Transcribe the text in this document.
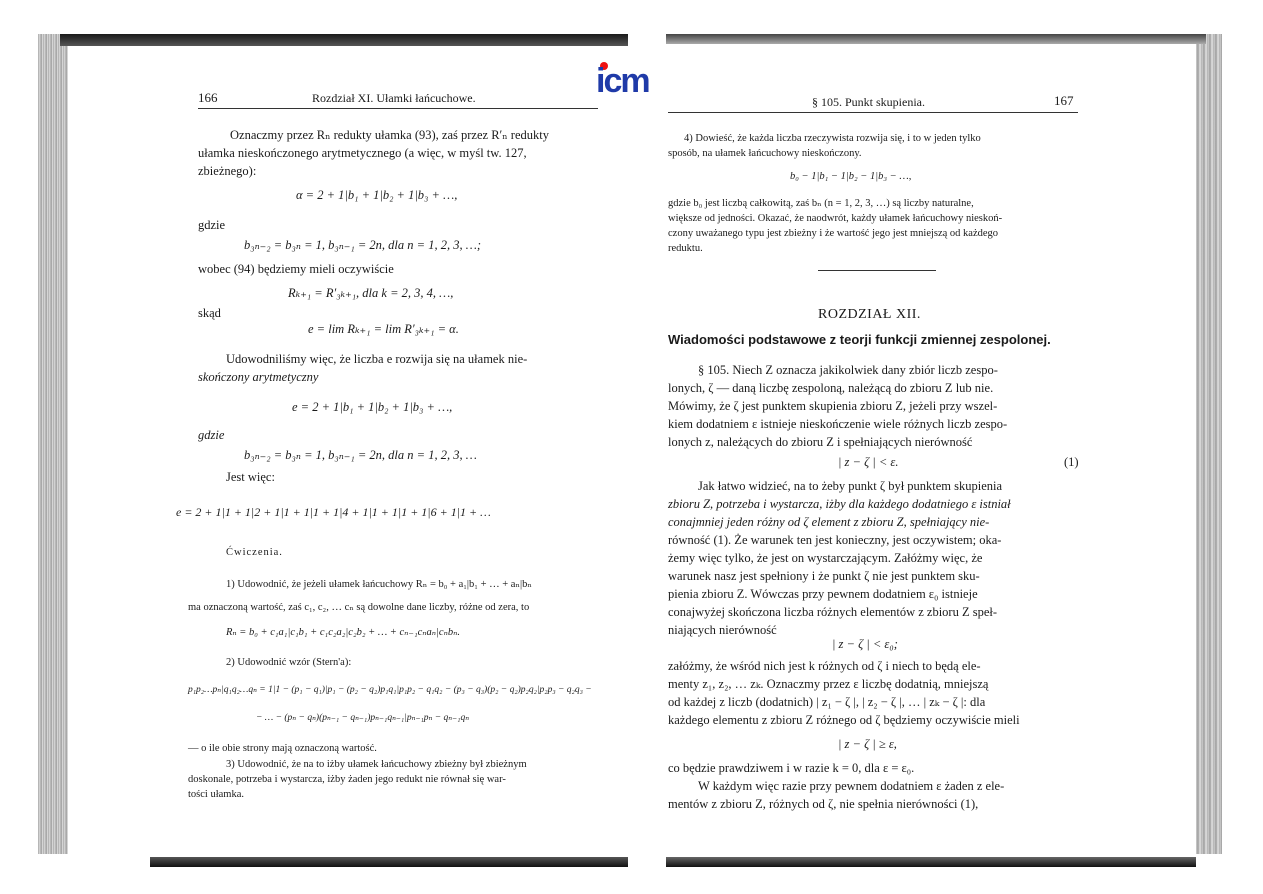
icm
166	Rozdział XI. Ułamki łańcuchowe.
Oznaczmy przez Rₙ redukty ułamka (93), zaś przez R′ₙ redukty
ułamka nieskończonego arytmetycznego (a więc, w myśl tw. 127,
zbieżnego):
α = 2 + 1|b₁ + 1|b₂ + 1|b₃ + …,
gdzie
b₃ₙ₋₂ = b₃ₙ = 1, b₃ₙ₋₁ = 2n, dla n = 1, 2, 3, …;
wobec (94) będziemy mieli oczywiście
Rₖ₊₁ = R′₃ₖ₊₁, dla k = 2, 3, 4, …,
skąd
e = lim Rₖ₊₁ = lim R′₃ₖ₊₁ = α.
Udowodniliśmy więc, że liczba e rozwija się na ułamek nie-
skończony arytmetyczny
e = 2 + 1|b₁ + 1|b₂ + 1|b₃ + …,
gdzie
b₃ₙ₋₂ = b₃ₙ = 1, b₃ₙ₋₁ = 2n, dla n = 1, 2, 3, …
Jest więc:
e = 2 + 1|1 + 1|2 + 1|1 + 1|1 + 1|4 + 1|1 + 1|1 + 1|6 + 1|1 + …
Ćwiczenia.
1) Udowodnić, że jeżeli ułamek łańcuchowy Rₙ = b₀ + a₁|b₁ + … + aₙ|bₙ
ma oznaczoną wartość, zaś c₁, c₂, … cₙ są dowolne dane liczby, różne od zera, to
Rₙ = b₀ + c₁a₁|c₁b₁ + c₁c₂a₂|c₂b₂ + … + cₙ₋₁cₙaₙ|cₙbₙ.
2) Udowodnić wzór (Stern'a):
p₁p₂…pₙ|q₁q₂…qₙ = 1|1 − (p₁ − q₁)|p₁ − (p₂ − q₂)p₁q₁|p₁p₂ − q₁q₂ − (p₃ − q₃)(p₂ − q₂)p₂q₂|p₂p₃ − q₂q₃ −
− … − (pₙ − qₙ)(pₙ₋₁ − qₙ₋₁)pₙ₋₁qₙ₋₁|pₙ₋₁pₙ − qₙ₋₁qₙ
— o ile obie strony mają oznaczoną wartość.
3) Udowodnić, że na to iżby ułamek łańcuchowy zbieżny był zbieżnym
doskonale, potrzeba i wystarcza, iżby żaden jego redukt nie równał się war-
tości ułamka.
§ 105. Punkt skupienia.	167
4) Dowieść, że każda liczba rzeczywista rozwija się, i to w jeden tylko
sposób, na ułamek łańcuchowy nieskończony.
b₀ − 1|b₁ − 1|b₂ − 1|b₃ − …,
gdzie b₀ jest liczbą całkowitą, zaś bₙ (n = 1, 2, 3, …) są liczby naturalne,
większe od jedności. Okazać, że naodwrót, każdy ułamek łańcuchowy nieskoń-
czony uważanego typu jest zbieżny i że wartość jego jest mniejszą od każdego
reduktu.
ROZDZIAŁ XII.
Wiadomości podstawowe z teorji funkcji zmiennej zespolonej.
§ 105. Niech Z oznacza jakikolwiek dany zbiór liczb zespo-
lonych, ζ — daną liczbę zespoloną, należącą do zbioru Z lub nie.
Mówimy, że ζ jest punktem skupienia zbioru Z, jeżeli przy wszel-
kiem dodatniem ε istnieje nieskończenie wiele różnych liczb zespo-
lonych z, należących do zbioru Z i spełniających nierówność
| z − ζ | < ε.	(1)
Jak łatwo widzieć, na to żeby punkt ζ był punktem skupienia
zbioru Z, potrzeba i wystarcza, iżby dla każdego dodatniego ε istniał
conajmniej jeden różny od ζ element z zbioru Z, spełniający nie-
równość (1). Że warunek ten jest konieczny, jest oczywistem; oka-
żemy więc tylko, że jest on wystarczającym. Załóżmy więc, że
warunek nasz jest spełniony i że punkt ζ nie jest punktem sku-
pienia zbioru Z. Wówczas przy pewnem dodatniem ε₀ istnieje
conajwyżej skończona liczba różnych elementów z zbioru Z speł-
niających nierówność
| z − ζ | < ε₀;
załóżmy, że wśród nich jest k różnych od ζ i niech to będą ele-
menty z₁, z₂, … zₖ. Oznaczmy przez ε liczbę dodatnią, mniejszą
od każdej z liczb (dodatnich) | z₁ − ζ |, | z₂ − ζ |, … | zₖ − ζ |: dla
każdego elementu z zbioru Z różnego od ζ będziemy oczywiście mieli
| z − ζ | ≥ ε,
co będzie prawdziwem i w razie k = 0, dla ε = ε₀.
W każdym więc razie przy pewnem dodatniem ε żaden z ele-
mentów z zbioru Z, różnych od ζ, nie spełnia nierówności (1),
